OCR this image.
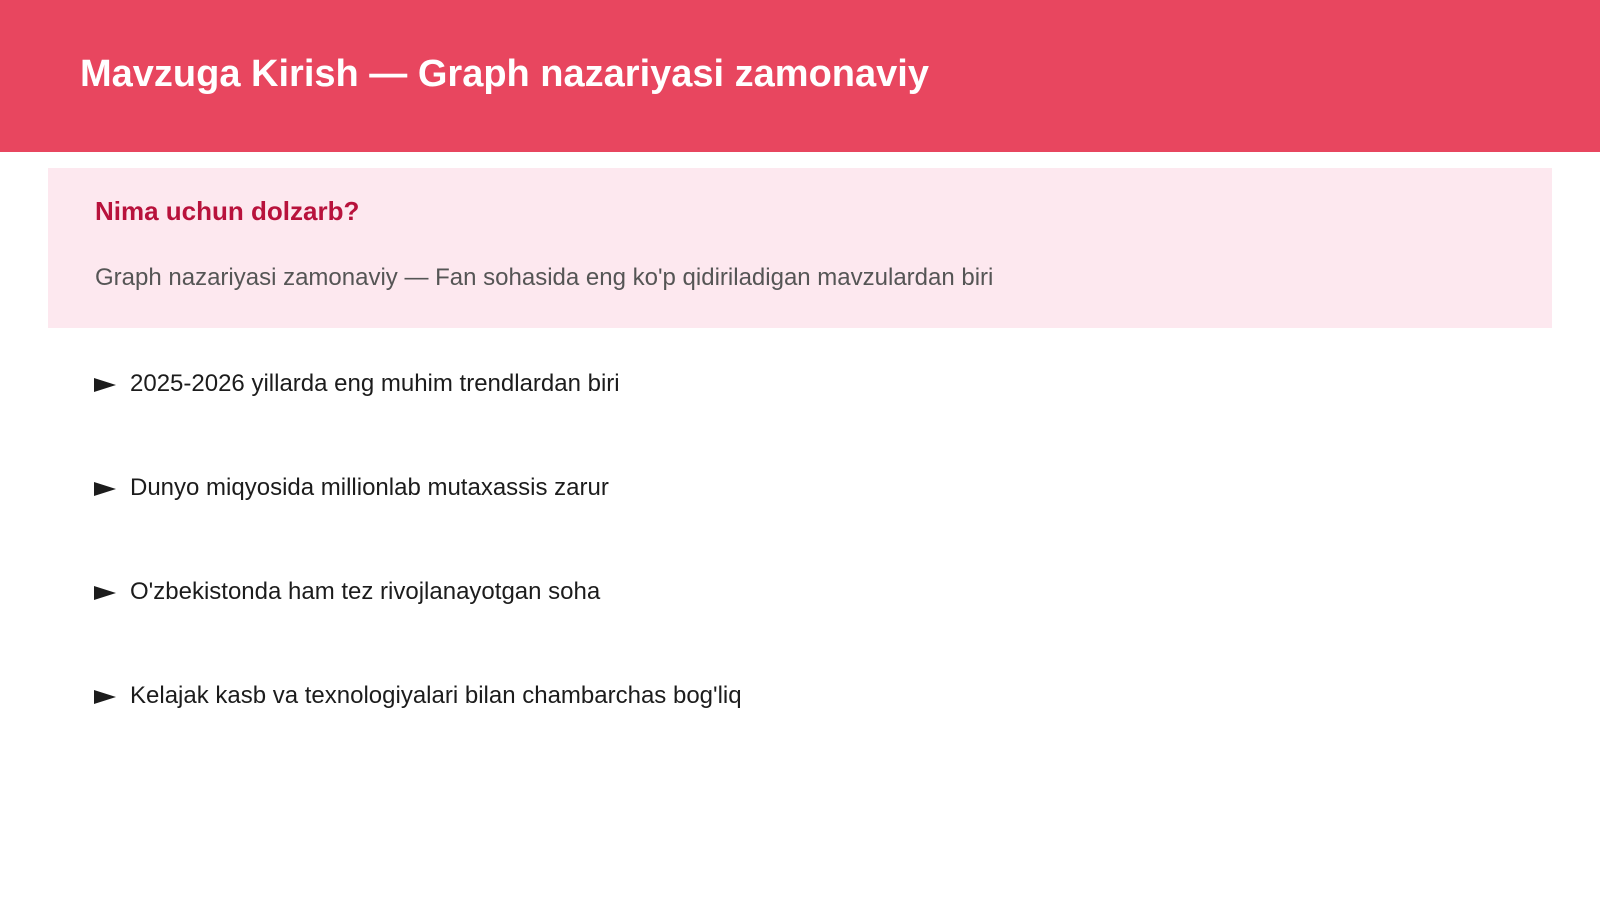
Mavzuga Kirish — Graph nazariyasi zamonaviy
Nima uchun dolzarb?

Graph nazariyasi zamonaviy — Fan sohasida eng ko'p qidiriladigan mavzulardan biri

2025-2026 yillarda eng muhim trendlardan biri
Dunyo miqyosida millionlab mutaxassis zarur
O'zbekistonda ham tez rivojlanayotgan soha
Kelajak kasb va texnologiyalari bilan chambarchas bog'liq
